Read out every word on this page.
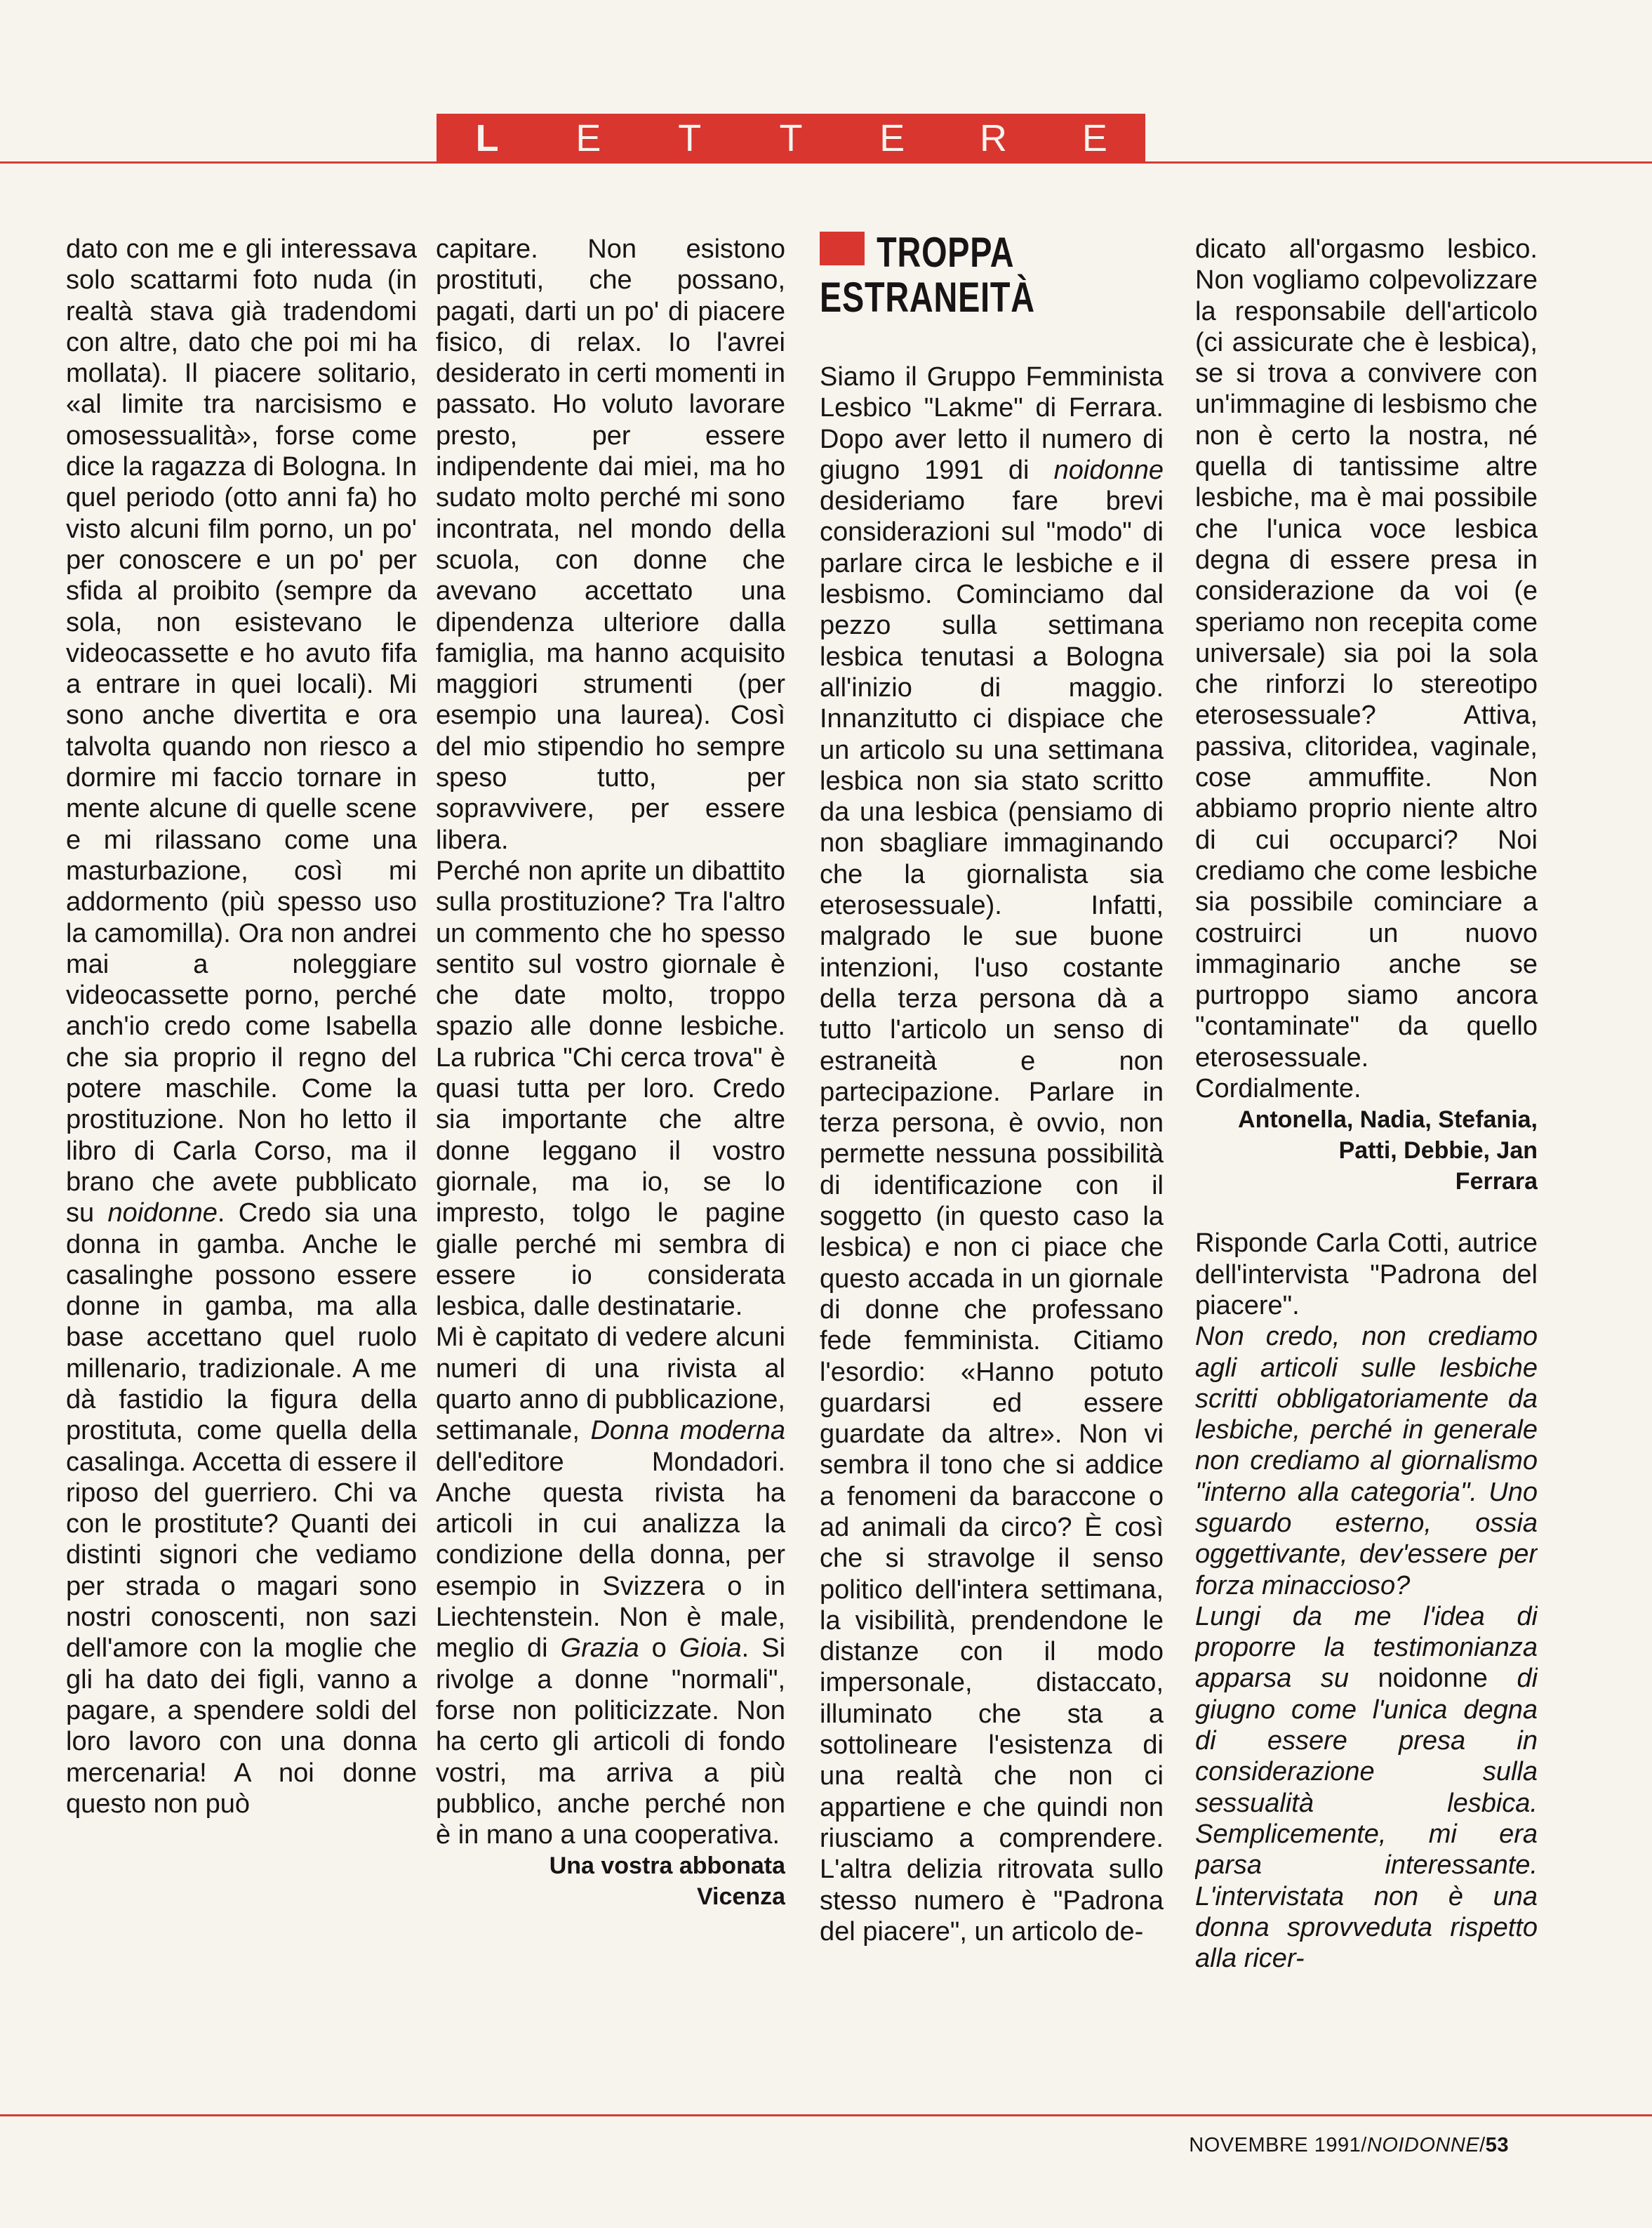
L	E	T	T	E	R	E

dato con me e gli interessava solo scattarmi foto nuda (in realtà stava già tradendomi con altre, dato che poi mi ha mollata). Il piacere solitario, «al limite tra narcisismo e omosessualità», forse come dice la ragazza di Bologna. In quel periodo (otto anni fa) ho visto alcuni film porno, un po' per conoscere e un po' per sfida al proibito (sempre da sola, non esistevano le videocassette e ho avuto fifa a entrare in quei locali). Mi sono anche divertita e ora talvolta quando non riesco a dormire mi faccio tornare in mente alcune di quelle scene e mi rilassano come una masturbazione, così mi addormento (più spesso uso la camomilla). Ora non andrei mai a noleggiare videocassette porno, perché anch'io credo come Isabella che sia proprio il regno del potere maschile. Come la prostituzione. Non ho letto il libro di Carla Corso, ma il brano che avete pubblicato su noidonne. Credo sia una donna in gamba. Anche le casalinghe possono essere donne in gamba, ma alla base accettano quel ruolo millenario, tradizionale. A me dà fastidio la figura della prostituta, come quella della casalinga. Accetta di essere il riposo del guerriero. Chi va con le prostitute? Quanti dei distinti signori che vediamo per strada o magari sono nostri conoscenti, non sazi dell'amore con la moglie che gli ha dato dei figli, vanno a pagare, a spendere soldi del loro lavoro con una donna mercenaria! A noi donne questo non può

capitare. Non esistono prostituti, che possano, pagati, darti un po' di piacere fisico, di relax. Io l'avrei desiderato in certi momenti in passato. Ho voluto lavorare presto, per essere indipendente dai miei, ma ho sudato molto perché mi sono incontrata, nel mondo della scuola, con donne che avevano accettato una dipendenza ulteriore dalla famiglia, ma hanno acquisito maggiori strumenti (per esempio una laurea). Così del mio stipendio ho sempre speso tutto, per sopravvivere, per essere libera.

Perché non aprite un dibattito sulla prostituzione? Tra l'altro un commento che ho spesso sentito sul vostro giornale è che date molto, troppo spazio alle donne lesbiche. La rubrica "Chi cerca trova" è quasi tutta per loro. Credo sia importante che altre donne leggano il vostro giornale, ma io, se lo impresto, tolgo le pagine gialle perché mi sembra di essere io considerata lesbica, dalle destinatarie.

Mi è capitato di vedere alcuni numeri di una rivista al quarto anno di pubblicazione, settimanale, Donna moderna dell'editore Mondadori. Anche questa rivista ha articoli in cui analizza la condizione della donna, per esempio in Svizzera o in Liechtenstein. Non è male, meglio di Grazia o Gioia. Si rivolge a donne "normali", forse non politicizzate. Non ha certo gli articoli di fondo vostri, ma arriva a più pubblico, anche perché non è in mano a una cooperativa.

Una vostra abbonata
Vicenza
TROPPA
ESTRANEITÀ

Siamo il Gruppo Femminista Lesbico "Lakme" di Ferrara. Dopo aver letto il numero di giugno 1991 di noidonne desideriamo fare brevi considerazioni sul "modo" di parlare circa le lesbiche e il lesbismo. Cominciamo dal pezzo sulla settimana lesbica tenutasi a Bologna all'inizio di maggio. Innanzitutto ci dispiace che un articolo su una settimana lesbica non sia stato scritto da una lesbica (pensiamo di non sbagliare immaginando che la giornalista sia eterosessuale). Infatti, malgrado le sue buone intenzioni, l'uso costante della terza persona dà a tutto l'articolo un senso di estraneità e non partecipazione. Parlare in terza persona, è ovvio, non permette nessuna possibilità di identificazione con il soggetto (in questo caso la lesbica) e non ci piace che questo accada in un giornale di donne che professano fede femminista. Citiamo l'esordio: «Hanno potuto guardarsi ed essere guardate da altre». Non vi sembra il tono che si addice a fenomeni da baraccone o ad animali da circo? È così che si stravolge il senso politico dell'intera settimana, la visibilità, prendendone le distanze con il modo impersonale, distaccato, illuminato che sta a sottolineare l'esistenza di una realtà che non ci appartiene e che quindi non riusciamo a comprendere. L'altra delizia ritrovata sullo stesso numero è "Padrona del piacere", un articolo de-

dicato all'orgasmo lesbico. Non vogliamo colpevolizzare la responsabile dell'articolo (ci assicurate che è lesbica), se si trova a convivere con un'immagine di lesbismo che non è certo la nostra, né quella di tantissime altre lesbiche, ma è mai possibile che l'unica voce lesbica degna di essere presa in considerazione da voi (e speriamo non recepita come universale) sia poi la sola che rinforzi lo stereotipo eterosessuale? Attiva, passiva, clitoridea, vaginale, cose ammuffite. Non abbiamo proprio niente altro di cui occuparci? Noi crediamo che come lesbiche sia possibile cominciare a costruirci un nuovo immaginario anche se purtroppo siamo ancora "contaminate" da quello eterosessuale. Cordialmente.

Antonella, Nadia, Stefania,
Patti, Debbie, Jan
Ferrara

Risponde Carla Cotti, autrice dell'intervista "Padrona del piacere".

Non credo, non crediamo agli articoli sulle lesbiche scritti obbligatoriamente da lesbiche, perché in generale non crediamo al giornalismo "interno alla categoria". Uno sguardo esterno, ossia oggettivante, dev'essere per forza minaccioso?

Lungi da me l'idea di proporre la testimonianza apparsa su noidonne di giugno come l'unica degna di essere presa in considerazione sulla sessualità lesbica. Semplicemente, mi era parsa interessante. L'intervistata non è una donna sprovveduta rispetto alla ricer-

NOVEMBRE 1991/NOIDONNE/53
